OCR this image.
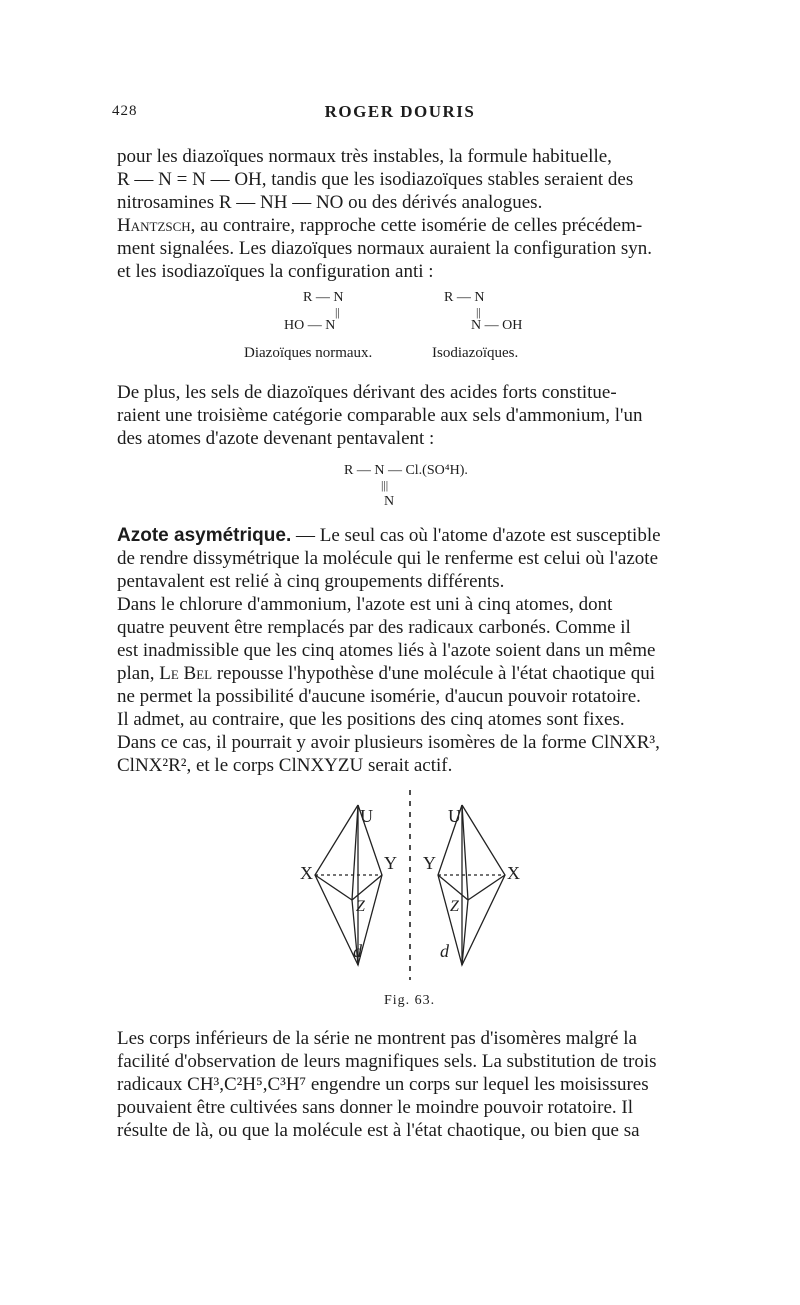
428	ROGER DOURIS
pour les diazoïques normaux très instables, la formule habituelle,
R — N = N — OH, tandis que les isodiazoïques stables seraient des
nitrosamines R — NH — NO ou des dérivés analogues.
Hantzsch, au contraire, rapproche cette isomérie de celles précédem-
ment signalées. Les diazoïques normaux auraient la configuration syn.
et les isodiazoïques la configuration anti :
R — N
||
HO — N
Diazoïques normaux.
R — N
||
N — OH
Isodiazoïques.
De plus, les sels de diazoïques dérivant des acides forts constitue-
raient une troisième catégorie comparable aux sels d'ammonium, l'un
des atomes d'azote devenant pentavalent :
R — N — Cl.(SO⁴H).
|||
N
Azote asymétrique. — Le seul cas où l'atome d'azote est susceptible
de rendre dissymétrique la molécule qui le renferme est celui où l'azote
pentavalent est relié à cinq groupements différents.
Dans le chlorure d'ammonium, l'azote est uni à cinq atomes, dont
quatre peuvent être remplacés par des radicaux carbonés. Comme il
est inadmissible que les cinq atomes liés à l'azote soient dans un même
plan, Le Bel repousse l'hypothèse d'une molécule à l'état chaotique qui
ne permet la possibilité d'aucune isomérie, d'aucun pouvoir rotatoire.
Il admet, au contraire, que les positions des cinq atomes sont fixes.
Dans ce cas, il pourrait y avoir plusieurs isomères de la forme ClNXR³,
ClNX²R², et le corps ClNXYZU serait actif.
U
X	Y
Z
d
U
X
Y
Z
d
Fig. 63.
Les corps inférieurs de la série ne montrent pas d'isomères malgré la
facilité d'observation de leurs magnifiques sels. La substitution de trois
radicaux CH³,C²H⁵,C³H⁷ engendre un corps sur lequel les moisissures
pouvaient être cultivées sans donner le moindre pouvoir rotatoire. Il
résulte de là, ou que la molécule est à l'état chaotique, ou bien que sa
